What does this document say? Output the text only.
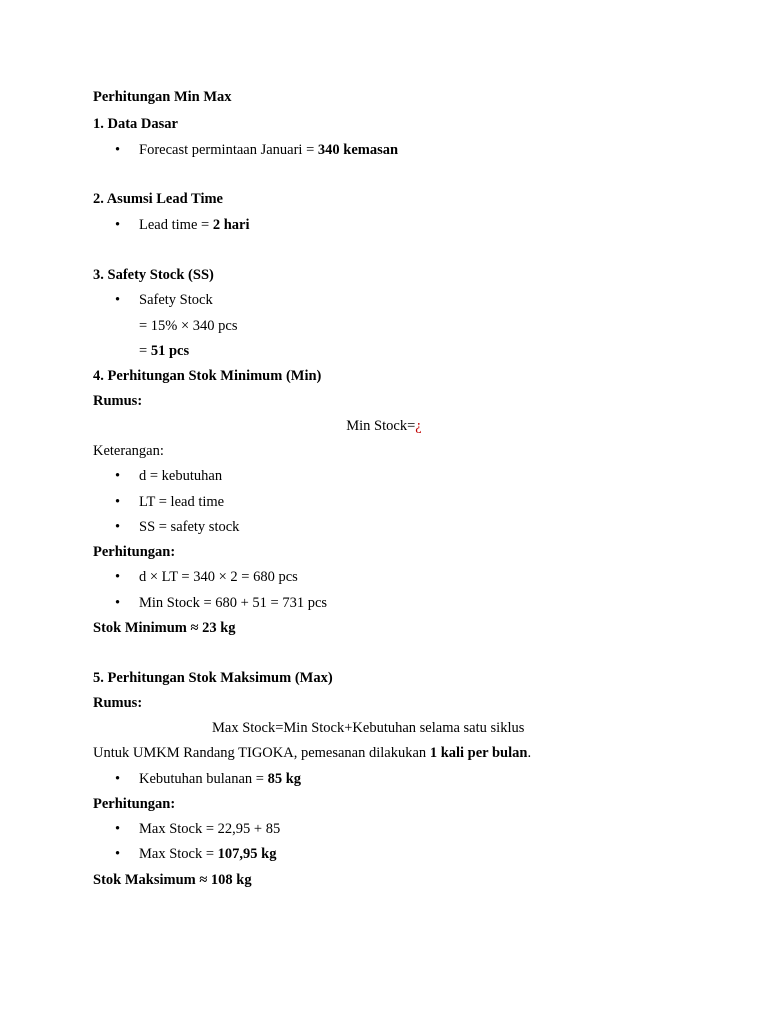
Perhitungan Min Max
1. Data Dasar
• Forecast permintaan Januari = 340 kemasan
2. Asumsi Lead Time
• Lead time = 2 hari
3. Safety Stock (SS)
• Safety Stock
= 15% × 340 pcs
= 51 pcs
4. Perhitungan Stok Minimum (Min)
Rumus:
Min Stock=¿
Keterangan:
• d = kebutuhan
• LT = lead time
• SS = safety stock
Perhitungan:
• d × LT = 340 × 2 = 680 pcs
• Min Stock = 680 + 51 = 731 pcs
Stok Minimum ≈ 23 kg
5. Perhitungan Stok Maksimum (Max)
Rumus:
Max Stock=Min Stock+Kebutuhan selama satu siklus
Untuk UMKM Randang TIGOKA, pemesanan dilakukan 1 kali per bulan.
• Kebutuhan bulanan = 85 kg
Perhitungan:
• Max Stock = 22,95 + 85
• Max Stock = 107,95 kg
Stok Maksimum ≈ 108 kg
